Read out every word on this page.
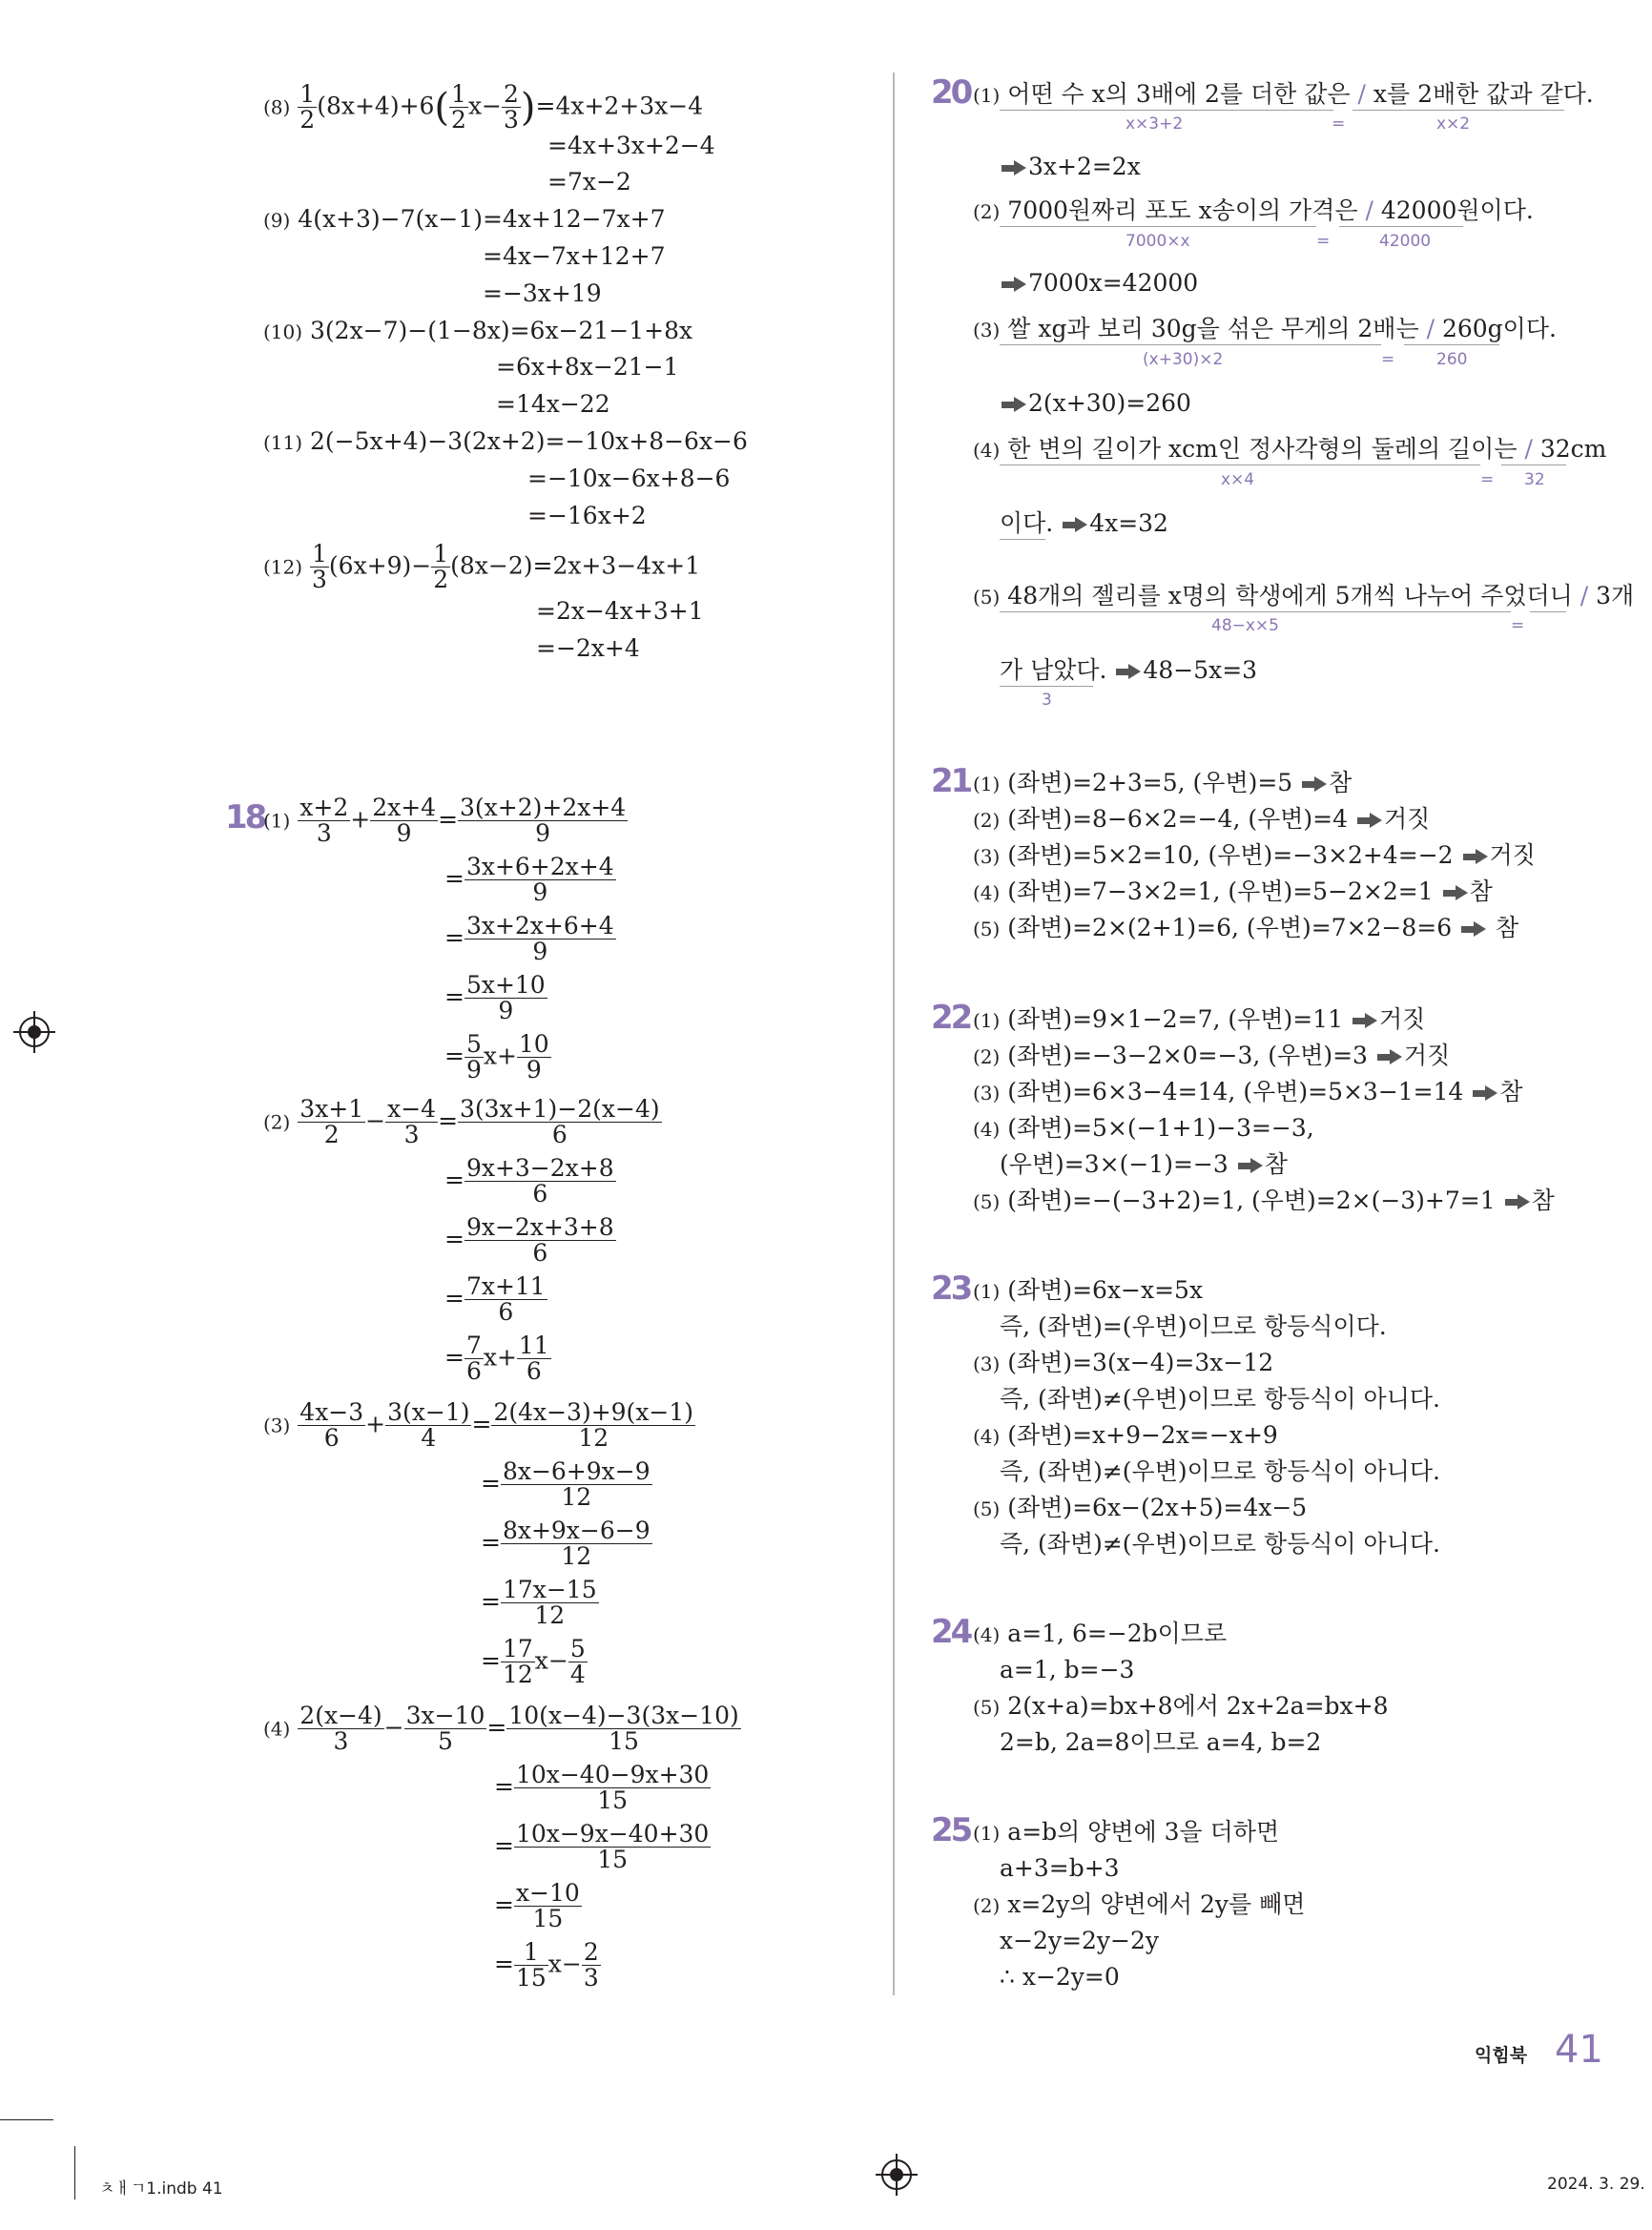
$(8) \frac{1}{2} (8x+4)+6( \frac{1}{2} x- \frac{2}{3} )=4x+2+3x-4$
=4x+3x+2−4
=7x−2
(9) 4(x+3)−7(x−1)=4x+12−7x+7
=4x−7x+12+7
=−3x+19
(10) 3(2x−7)−(1−8x)=6x−21−1+8x
=6x+8x−21−1
=14x−22
(11) 2(−5x+4)−3(2x+2)=−10x+8−6x−6
=−10x−6x+8−6
=−16x+2
$(12) \frac{1}{3} (6x+9)- \frac{1}{2} (8x-2)=2x+3-4x+1$
=2x−4x+3+1
=−2x+4
18
$(1) \frac{x+2}{3} + \frac{2x+4}{9} = \frac{3(x+2)+2x+4}{9}$
= $\frac{3x+6+2x+4}{9}$
= $\frac{3x+2x+6+4}{9}$
= $\frac{5x+10}{9}$
= $\frac{5}{9} x+ \frac{10}{9}$
$(2) \frac{3x+1}{2} - \frac{x-4}{3} = \frac{3(3x+1)-2(x-4)}{6}$
= $\frac{9x+3-2x+8}{6}$
= $\frac{9x-2x+3+8}{6}$
= $\frac{7x+11}{6}$
= $\frac{7}{6} x+ \frac{11}{6}$
$(3) \frac{4x-3}{6} + \frac{3(x-1)}{4} = \frac{2(4x-3)+9(x-1)}{12}$
= $\frac{8x-6+9x-9}{12}$
= $\frac{8x+9x-6-9}{12}$
= $\frac{17x-15}{12}$
= $\frac{17}{12} x- \frac{5}{4}$
$(4) \frac{2(x-4)}{3} - \frac{3x-10}{5} = \frac{10(x-4)-3(3x-10)}{15}$
= $\frac{10x-40-9x+30}{15}$
= $\frac{10x-9x-40+30}{15}$
= $\frac{x-10}{15}$
= $\frac{1}{15} x- \frac{2}{3}$
20 (1) 어떤 수 x의 3배에 2를 더한 값은 / x를 2배한 값과 같다.
x×3+2	=	x×2
3x+2=2x
(2) 7000원짜리 포도 x송이의 가격은 / 42000원이다.
7000×x	=	42000
7000x=42000
(3) 쌀 xg과 보리 30g을 섞은 무게의 2배는 / 260g이다.
(x+30)×2	=	260
2(x+30)=260
(4) 한 변의 길이가 xcm인 정사각형의 둘레의 길이는 / 32cm
x×4	= 32
이다. 4x=32
(5) 48개의 젤리를 x명의 학생에게 5개씩 나누어 주었더니 / 3개
48−x×5	=
가 남았다. 48−5x=3
3
21 (1) (좌변)=2+3=5, (우변)=5 참
(2) (좌변)=8−6×2=−4, (우변)=4 거짓
(3) (좌변)=5×2=10, (우변)=−3×2+4=−2 거짓
(4) (좌변)=7−3×2=1, (우변)=5−2×2=1 참
(5) (좌변)=2×(2+1)=6, (우변)=7×2−8=6 참
22 (1) (좌변)=9×1−2=7, (우변)=11 거짓
(2) (좌변)=−3−2×0=−3, (우변)=3 거짓
(3) (좌변)=6×3−4=14, (우변)=5×3−1=14 참
(4) (좌변)=5×(−1+1)−3=−3,
(우변)=3×(−1)=−3 참
(5) (좌변)=−(−3+2)=1, (우변)=2×(−3)+7=1 참
23 (1) (좌변)=6x−x=5x
즉, (좌변)=(우변)이므로 항등식이다.
(3) (좌변)=3(x−4)=3x−12
즉, (좌변)≠(우변)이므로 항등식이 아니다.
(4) (좌변)=x+9−2x=−x+9
즉, (좌변)≠(우변)이므로 항등식이 아니다.
(5) (좌변)=6x−(2x+5)=4x−5
즉, (좌변)≠(우변)이므로 항등식이 아니다.
24 (4) a=1, 6=−2b이므로
a=1, b=−3
(5) 2(x+a)=bx+8에서 2x+2a=bx+8
2=b, 2a=8이므로 a=4, b=2
25 (1) a=b의 양변에 3을 더하면
a+3=b+3
(2) x=2y의 양변에서 2y를 빼면
x−2y=2y−2y
∴ x−2y=0
익힘북 41
ㅊㅐㄱ1.indb 41	2024. 3. 29.
